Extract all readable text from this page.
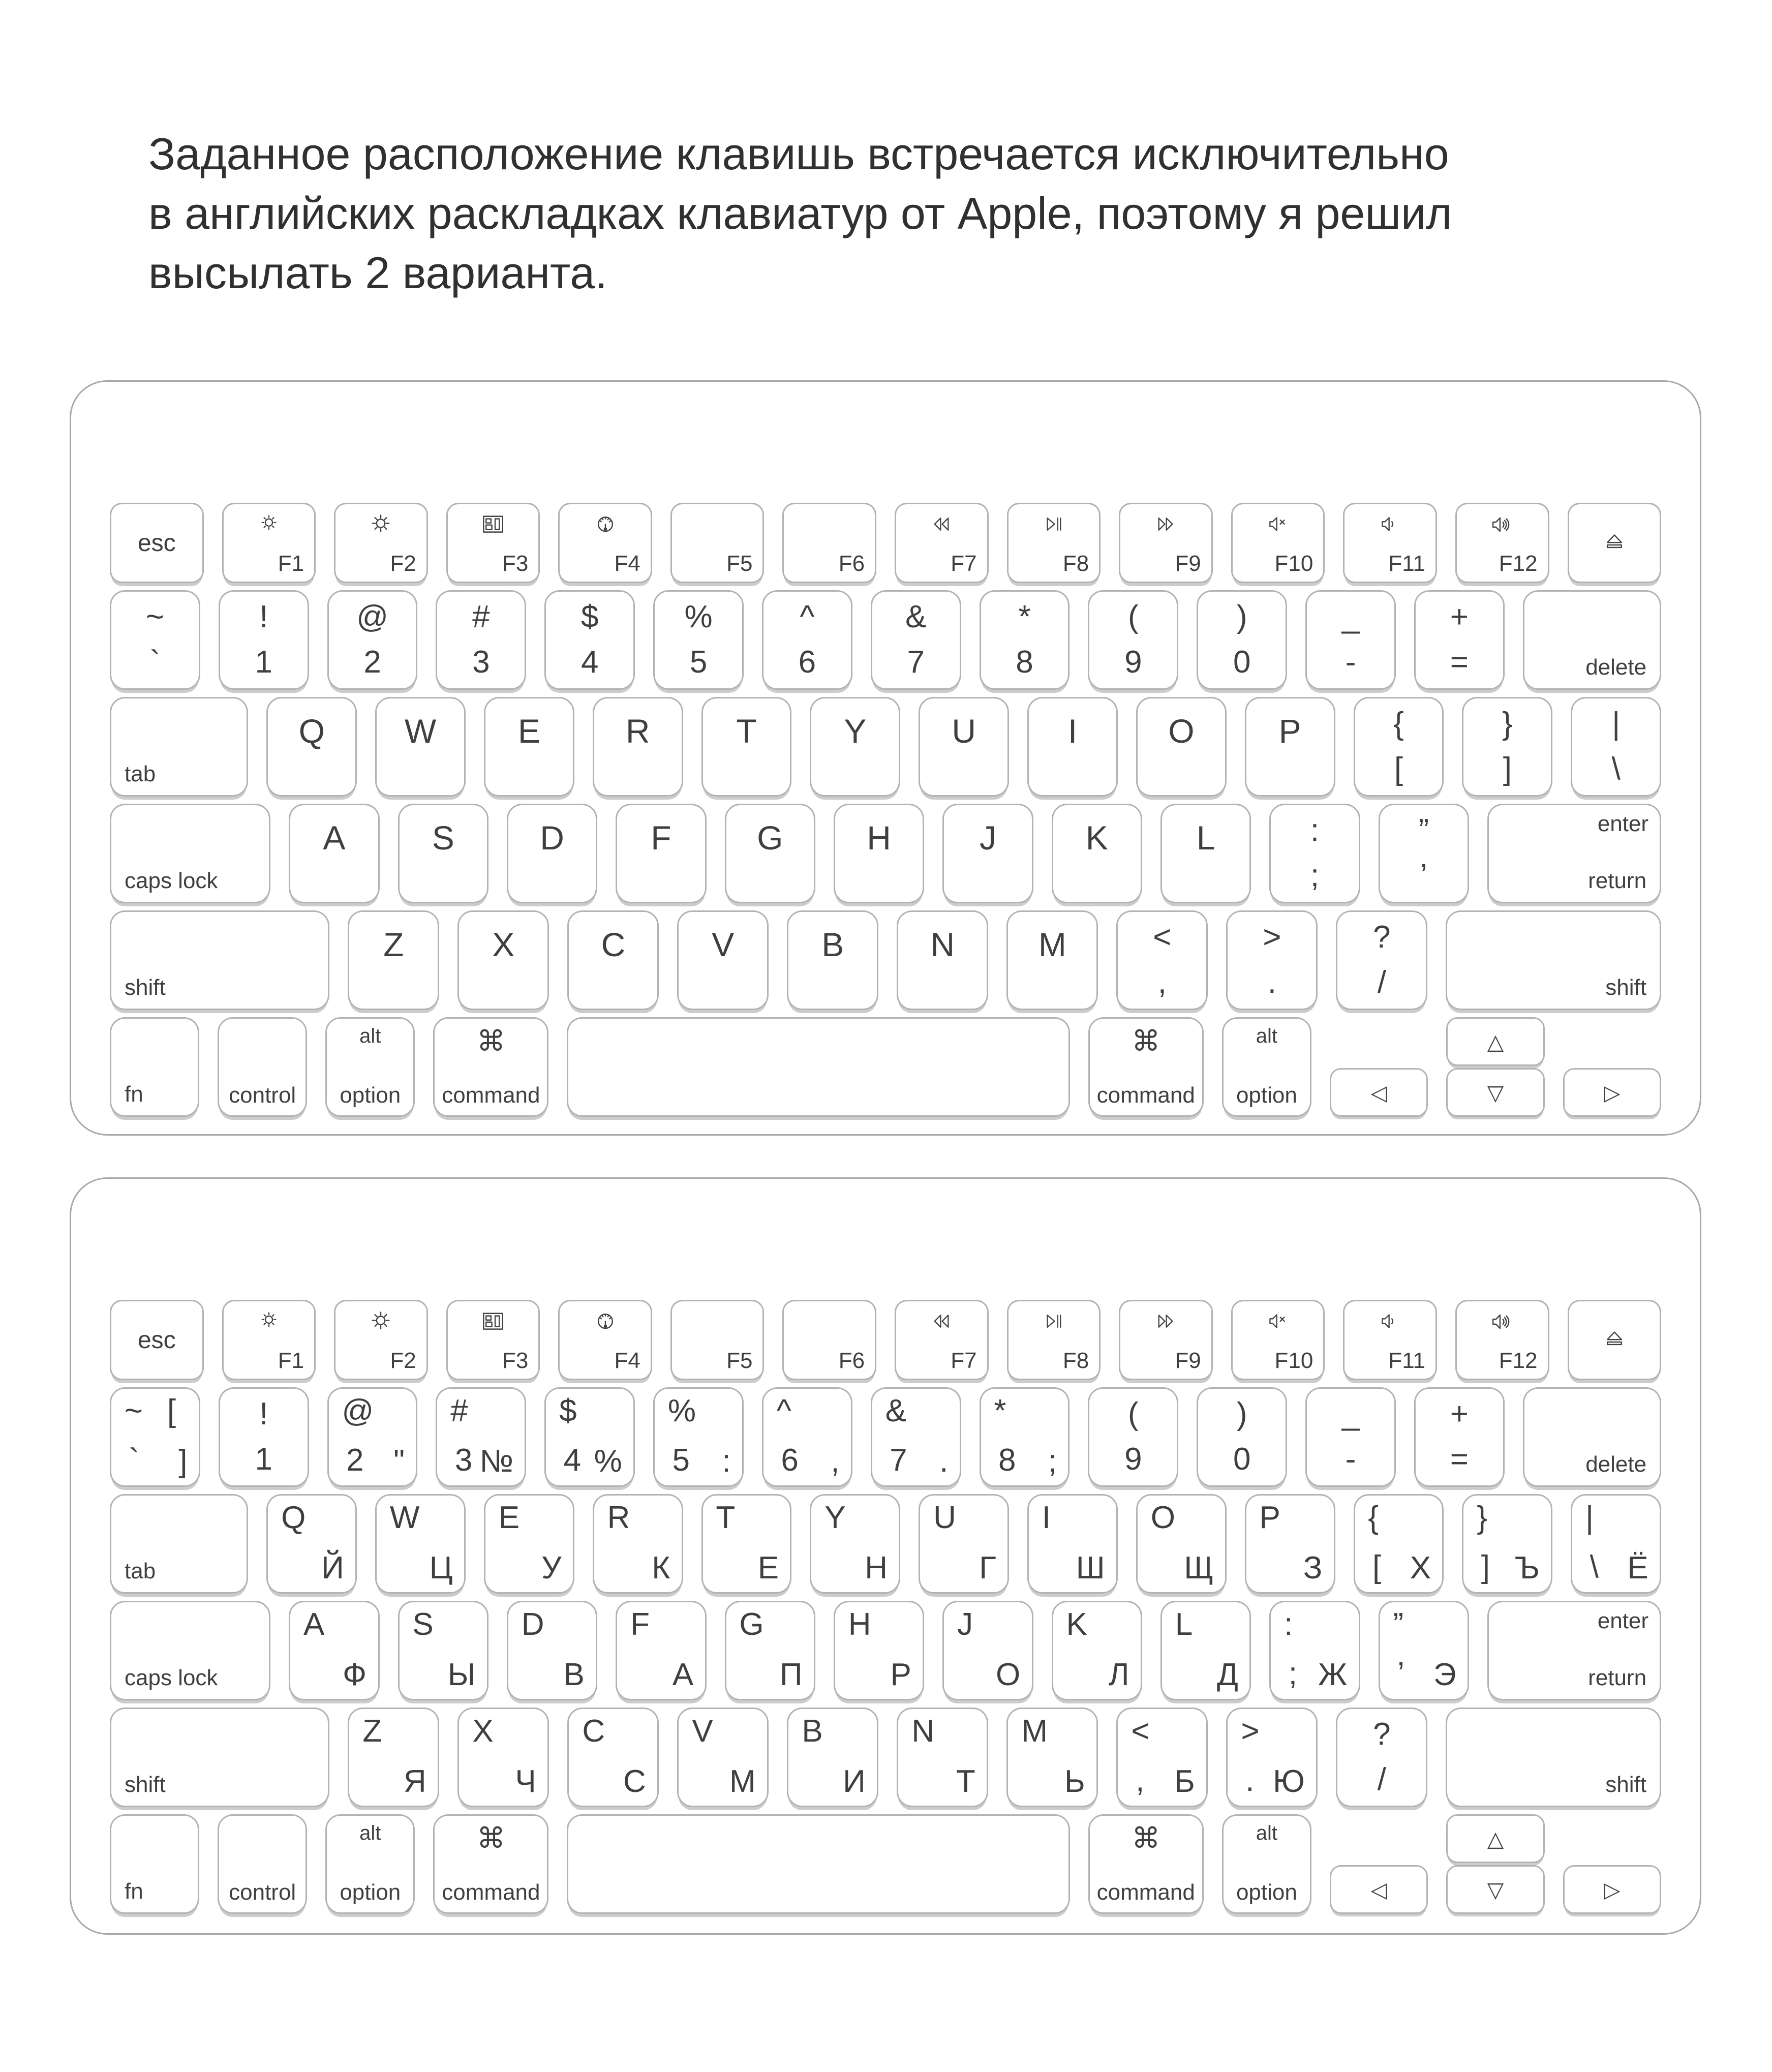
Заданное расположение клавишь встречается исключительно
в английских раскладках клавиатур от Apple, поэтому я решил
высылать 2 варианта.
esc
F1	F2	F3	F4	F5	F6	F7	F8	F9	F10	F11	F12
~
`
!
1
@
2
#
3
$
4
%
5
^
6
&
7
*
8
(
9
)
0
_
-
+
=	delete
tab
Q	W	E	R	T	Y	U	I	O	P	{
[
}
]
|
\
caps lock
A	S	D	F	G	H	J	K	L	:
;
”
’
enter
return
shift
Z	X	C	V	B	N	M	<
,
>
.
?
/	shift
fn	control
alt
option
⌘
command
⌘
command
alt
option	◁
△
▽	▷
esc
F1	F2	F3	F4	F5	F6	F7	F8	F9	F10	F11	F12
~ [
` ]
!
1
@
2 "
#
3 №
$
4 %
%
5 :
^
6 ,
&
7 .
*
8 ;
(
9
)
0
_
-
+
=	delete
tab
Q
Й
W
Ц
E
У
R
К
T
Е
Y
Н
U
Г
I
Ш
O
Щ
P
З
{
[ Х
}
] Ъ
|
\ Ё
caps lock
A
Ф
S
Ы
D
В
F
А
G
П
H
Р
J
О
K
Л
L
Д
:
; Ж
”
’ Э
enter
return
shift
Z
Я
X
Ч
C
С
V
М
B
И
N
Т
M
Ь
<
, Б
>
. Ю
?
/	shift
fn	control
alt
option
⌘
command
⌘
command
alt
option	◁
△
▽	▷
